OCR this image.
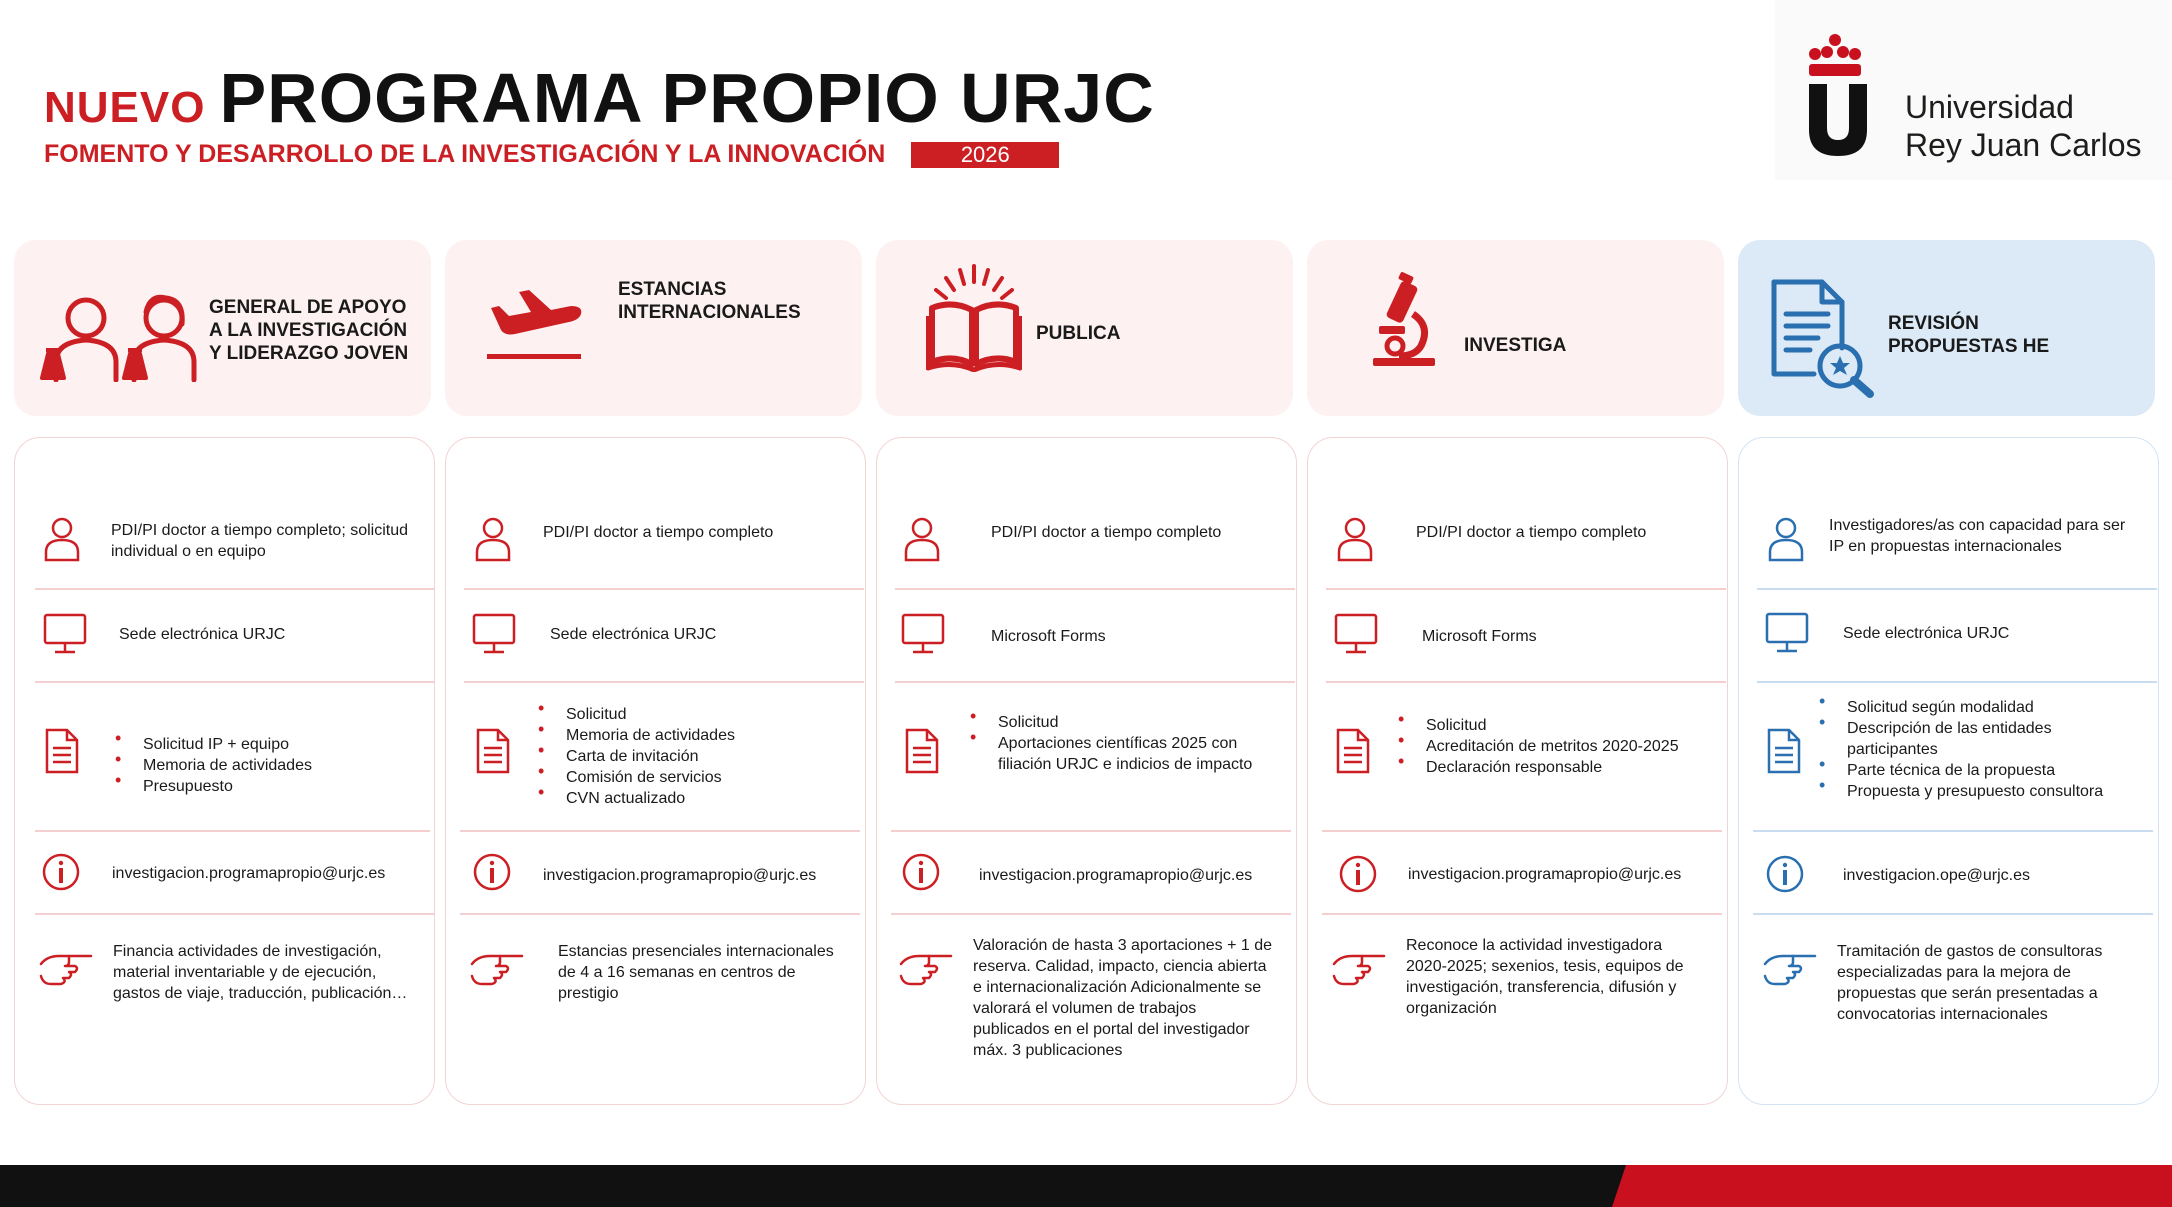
NUEVO PROGRAMA PROPIO URJC
FOMENTO Y DESARROLLO DE LA INVESTIGACIÓN Y LA INNOVACIÓN	2026
Universidad
Rey Juan Carlos
GENERAL DE APOYO
A LA INVESTIGACIÓN
Y LIDERAZGO JOVEN
ESTANCIAS
INTERNACIONALES
PUBLICA
INVESTIGA
REVISIÓN
PROPUESTAS HE
PDI/PI doctor a tiempo completo; solicitud individual o en equipo
Sede electrónica URJC
• Solicitud IP + equipo
• Memoria de actividades
• Presupuesto
investigacion.programapropio@urjc.es
Financia actividades de investigación, material inventariable y de ejecución, gastos de viaje, traducción, publicación…
PDI/PI doctor a tiempo completo
Sede electrónica URJC
• Solicitud
• Memoria de actividades
• Carta de invitación
• Comisión de servicios
• CVN actualizado
investigacion.programapropio@urjc.es
Estancias presenciales internacionales de 4 a 16 semanas en centros de prestigio
PDI/PI doctor a tiempo completo
Microsoft Forms
• Solicitud
• Aportaciones científicas 2025 con filiación URJC e indicios de impacto
investigacion.programapropio@urjc.es
Valoración de hasta 3 aportaciones + 1 de reserva. Calidad, impacto, ciencia abierta e internacionalización Adicionalmente se valorará el volumen de trabajos publicados en el portal del investigador máx. 3 publicaciones
PDI/PI doctor a tiempo completo
Microsoft Forms
• Solicitud
• Acreditación de metritos 2020-2025
• Declaración responsable
investigacion.programapropio@urjc.es
Reconoce la actividad investigadora 2020-2025; sexenios, tesis, equipos de investigación, transferencia, difusión y organización
Investigadores/as con capacidad para ser IP en propuestas internacionales
Sede electrónica URJC
• Solicitud según modalidad
• Descripción de las entidades participantes
• Parte técnica de la propuesta
• Propuesta y presupuesto consultora
investigacion.ope@urjc.es
Tramitación de gastos de consultoras especializadas para la mejora de propuestas que serán presentadas a convocatorias internacionales
